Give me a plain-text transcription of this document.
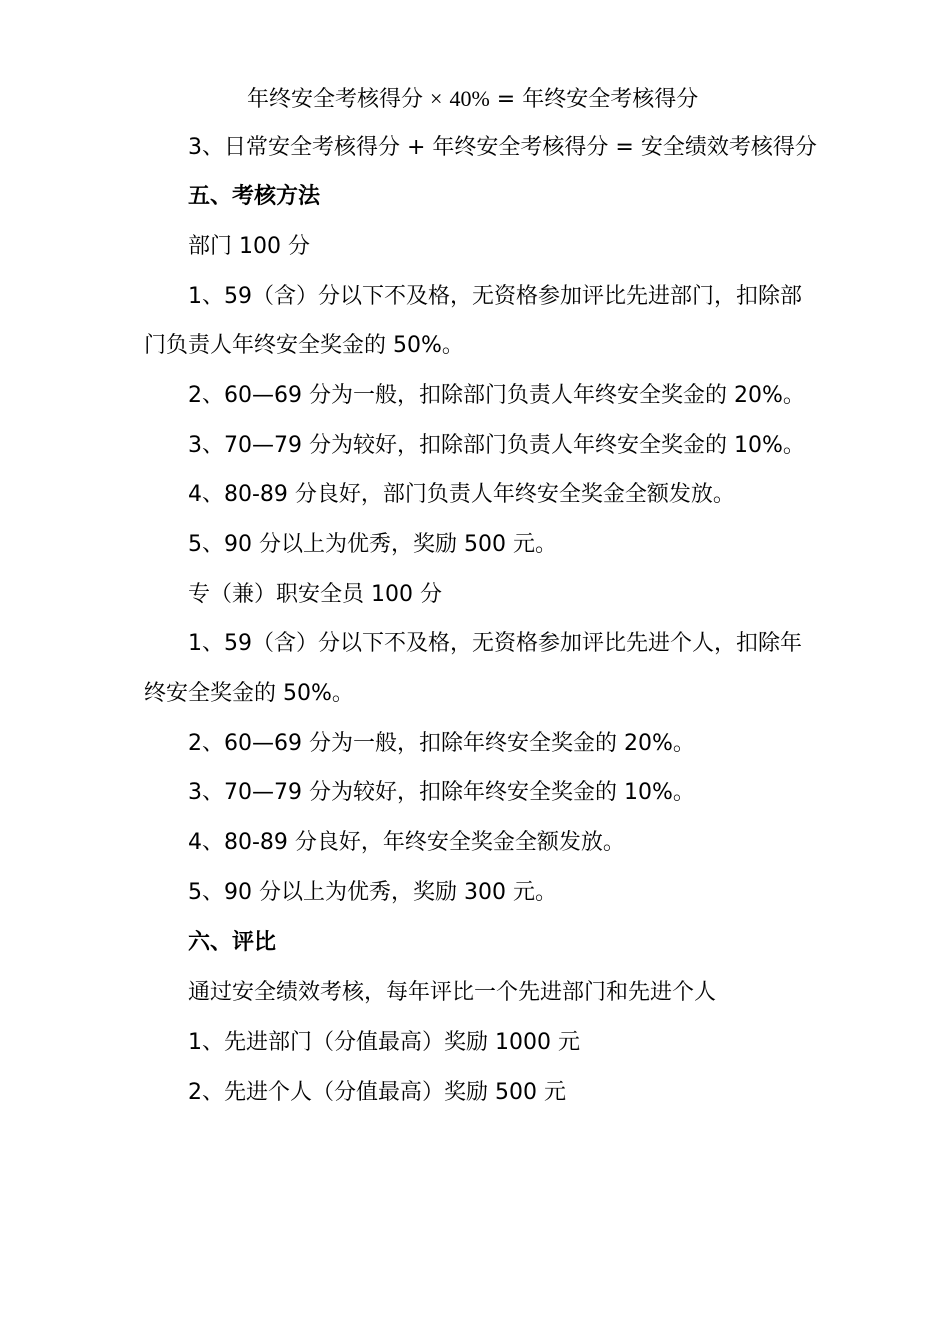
年终安全考核得分 × 40% = 年终安全考核得分
3、日常安全考核得分 + 年终安全考核得分 = 安全绩效考核得分
五、考核方法
部门 100 分
1、59（含）分以下不及格，无资格参加评比先进部门，扣除部
门负责人年终安全奖金的 50%。
2、60—69 分为一般，扣除部门负责人年终安全奖金的 20%。
3、70—79 分为较好，扣除部门负责人年终安全奖金的 10%。
4、80-89 分良好，部门负责人年终安全奖金全额发放。
5、90 分以上为优秀，奖励 500 元。
专（兼）职安全员 100 分
1、59（含）分以下不及格，无资格参加评比先进个人，扣除年
终安全奖金的 50%。
2、60—69 分为一般，扣除年终安全奖金的 20%。
3、70—79 分为较好，扣除年终安全奖金的 10%。
4、80-89 分良好，年终安全奖金全额发放。
5、90 分以上为优秀，奖励 300 元。
六、评比
通过安全绩效考核，每年评比一个先进部门和先进个人
1、先进部门（分值最高）奖励 1000 元
2、先进个人（分值最高）奖励 500 元
